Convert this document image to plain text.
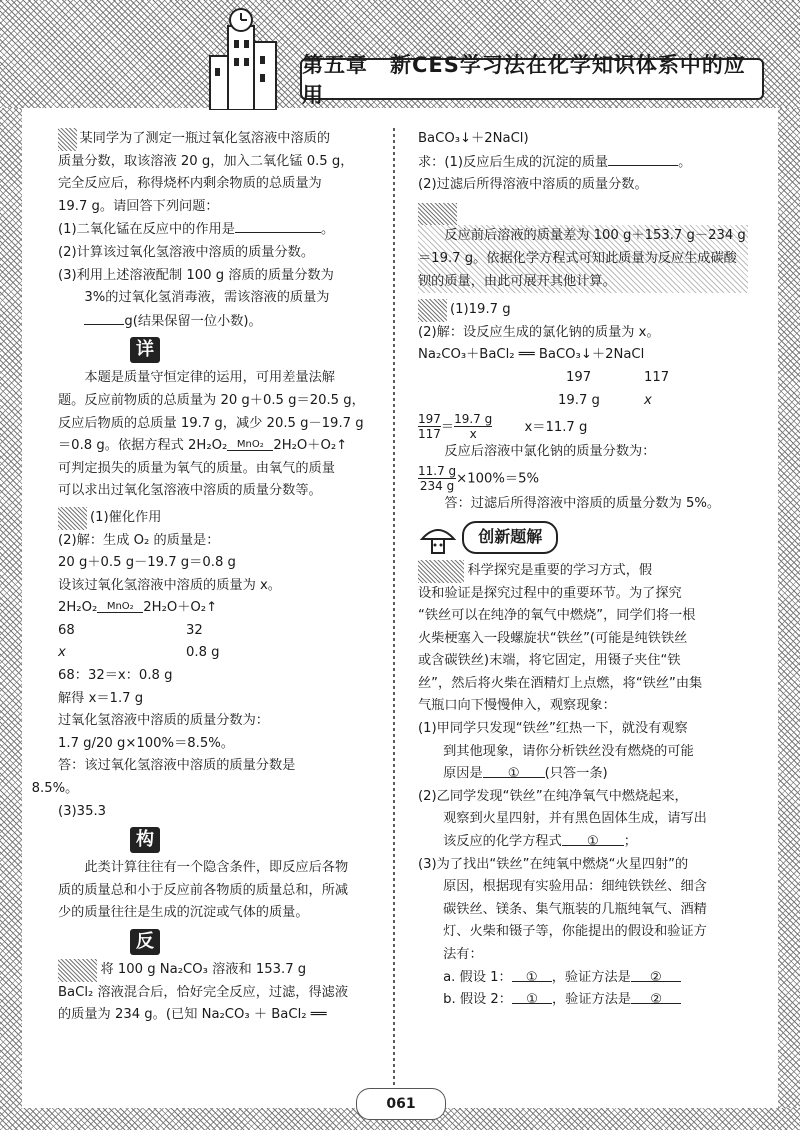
第五章　新CES学习法在化学知识体系中的应用

某同学为了测定一瓶过氧化氢溶液中溶质的

质量分数，取该溶液 20 g，加入二氧化锰 0.5 g，

完全反应后，称得烧杯内剩余物质的总质量为

19.7 g。请回答下列问题：

(1)二氧化锰在反应中的作用是	。

(2)计算该过氧化氢溶液中溶质的质量分数。

(3)利用上述溶液配制 100 g 溶质的质量分数为

3%的过氧化氢消毒液，需该溶液的质量为

g(结果保留一位小数)。

详

本题是质量守恒定律的运用，可用差量法解

题。反应前物质的总质量为 20 g＋0.5 g＝20.5 g，

反应后物质的总质量 19.7 g，减少 20.5 g－19.7 g

＝0.8 g。依据方程式 2H₂O₂ MnO₂ 2H₂O＋O₂↑

可判定损失的质量为氧气的质量。由氧气的质量

可以求出过氧化氢溶液中溶质的质量分数等。

(1)催化作用

(2)解：生成 O₂ 的质量是：

20 g＋0.5 g－19.7 g＝0.8 g

设该过氧化氢溶液中溶质的质量为 x。

2H₂O₂ MnO₂ 2H₂O＋O₂↑

68	32

x	0.8 g

68：32＝x：0.8 g

解得 x＝1.7 g

过氧化氢溶液中溶质的质量分数为：

1.7 g/20 g×100%＝8.5%。

答：该过氧化氢溶液中溶质的质量分数是

8.5%。

(3)35.3

构

此类计算往往有一个隐含条件，即反应后各物

质的质量总和小于反应前各物质的质量总和，所减

少的质量往往是生成的沉淀或气体的质量。

反

将 100 g Na₂CO₃ 溶液和 153.7 g

BaCl₂ 溶液混合后，恰好完全反应，过滤，得滤液

的质量为 234 g。(已知 Na₂CO₃ ＋ BaCl₂ ══

BaCO₃↓＋2NaCl)

求：(1)反应后生成的沉淀的质量	。

(2)过滤后所得溶液中溶质的质量分数。

反应前后溶液的质量差为 100 g＋153.7 g－234 g＝19.7 g。依据化学方程式可知此质量为反应生成碳酸钡的质量，由此可展开其他计算。

(1)19.7 g

(2)解：设反应生成的氯化钠的质量为 x。

Na₂CO₃＋BaCl₂ ══ BaCO₃↓＋2NaCl

197	117

19.7 g	x

$\frac{197}{117} = \frac{19.7 g}{x} x=11.7$ g

反应后溶液中氯化钠的质量分数为：

$\frac{11.7 g}{234 g} \times 100\%=5\%$

答：过滤后所得溶液中溶质的质量分数为 5%。

创新题解

科学探究是重要的学习方式，假

设和验证是探究过程中的重要环节。为了探究

“铁丝可以在纯净的氧气中燃烧”，同学们将一根

火柴梗塞入一段螺旋状“铁丝”(可能是纯铁铁丝

或含碳铁丝)末端，将它固定，用镊子夹住“铁

丝”，然后将火柴在酒精灯上点燃，将“铁丝”由集

气瓶口向下慢慢伸入，观察现象：

(1)甲同学只发现“铁丝”红热一下，就没有观察

到其他现象，请你分析铁丝没有燃烧的可能

原因是 ① (只答一条)

(2)乙同学发现“铁丝”在纯净氧气中燃烧起来，

观察到火星四射，并有黑色固体生成，请写出

该反应的化学方程式 ① ；

(3)为了找出“铁丝”在纯氧中燃烧“火星四射”的

原因，根据现有实验用品：细纯铁铁丝、细含

碳铁丝、镁条、集气瓶装的几瓶纯氧气、酒精

灯、火柴和镊子等，你能提出的假设和验证方

法有：

a. 假设 1： ① ，验证方法是 ②

b. 假设 2： ① ，验证方法是 ②

061
